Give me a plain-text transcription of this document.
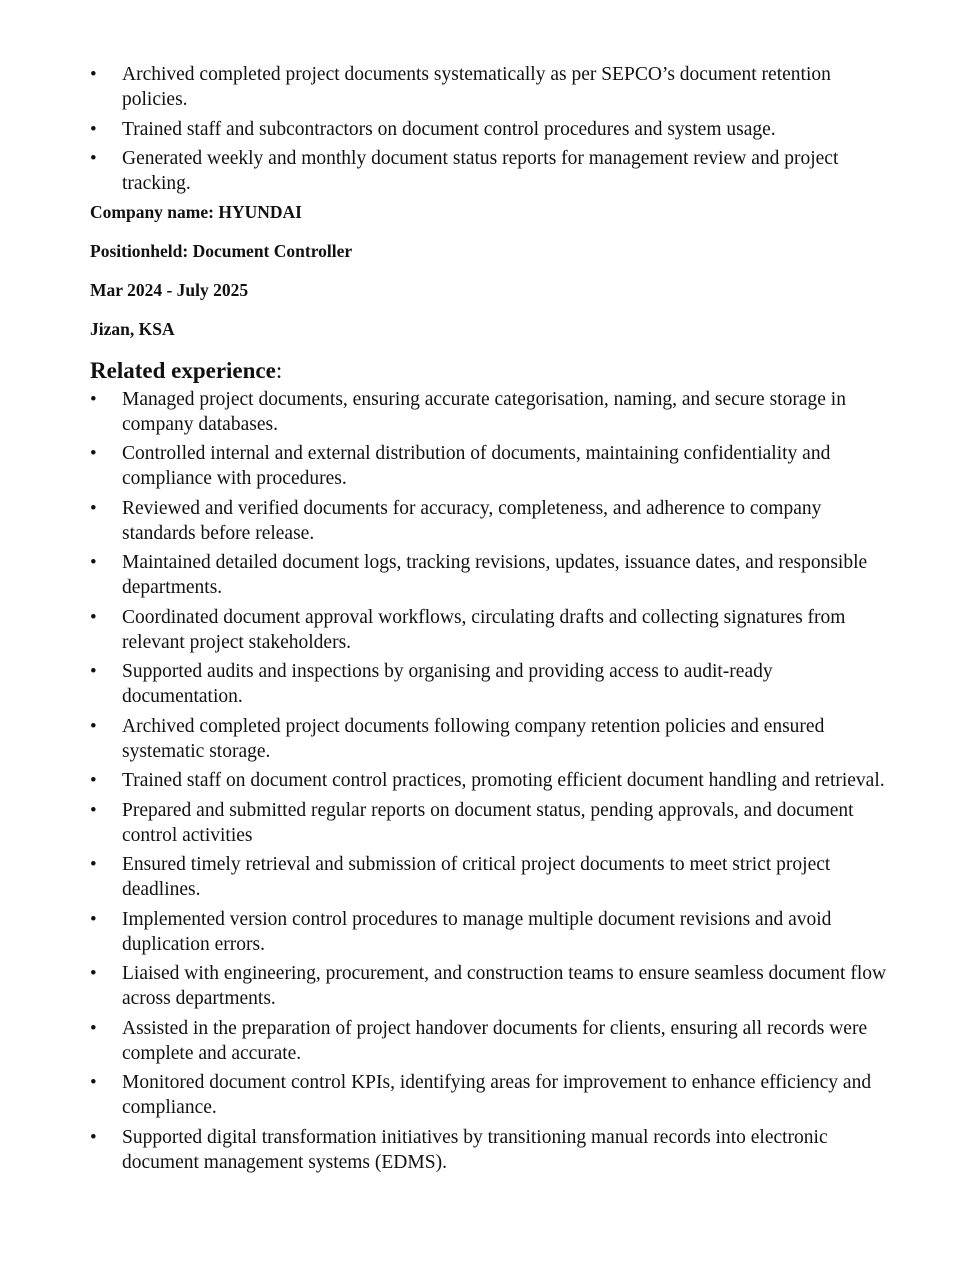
•	Archived completed project documents systematically as per SEPCO’s document retention policies.
•	Trained staff and subcontractors on document control procedures and system usage.
•	Generated weekly and monthly document status reports for management review and project tracking.

Company name: HYUNDAI

Positionheld: Document Controller

Mar 2024 - July 2025

Jizan, KSA

Related experience:
•	Managed project documents, ensuring accurate categorisation, naming, and secure storage in company databases.
•	Controlled internal and external distribution of documents, maintaining confidentiality and compliance with procedures.
•	Reviewed and verified documents for accuracy, completeness, and adherence to company standards before release.
•	Maintained detailed document logs, tracking revisions, updates, issuance dates, and responsible departments.
•	Coordinated document approval workflows, circulating drafts and collecting signatures from relevant project stakeholders.
•	Supported audits and inspections by organising and providing access to audit-ready documentation.
•	Archived completed project documents following company retention policies and ensured systematic storage.
•	Trained staff on document control practices, promoting efficient document handling and retrieval.
•	Prepared and submitted regular reports on document status, pending approvals, and document control activities
•	Ensured timely retrieval and submission of critical project documents to meet strict project deadlines.
•	Implemented version control procedures to manage multiple document revisions and avoid duplication errors.
•	Liaised with engineering, procurement, and construction teams to ensure seamless document flow across departments.
•	Assisted in the preparation of project handover documents for clients, ensuring all records were complete and accurate.
•	Monitored document control KPIs, identifying areas for improvement to enhance efficiency and compliance.
•	Supported digital transformation initiatives by transitioning manual records into electronic document management systems (EDMS).
